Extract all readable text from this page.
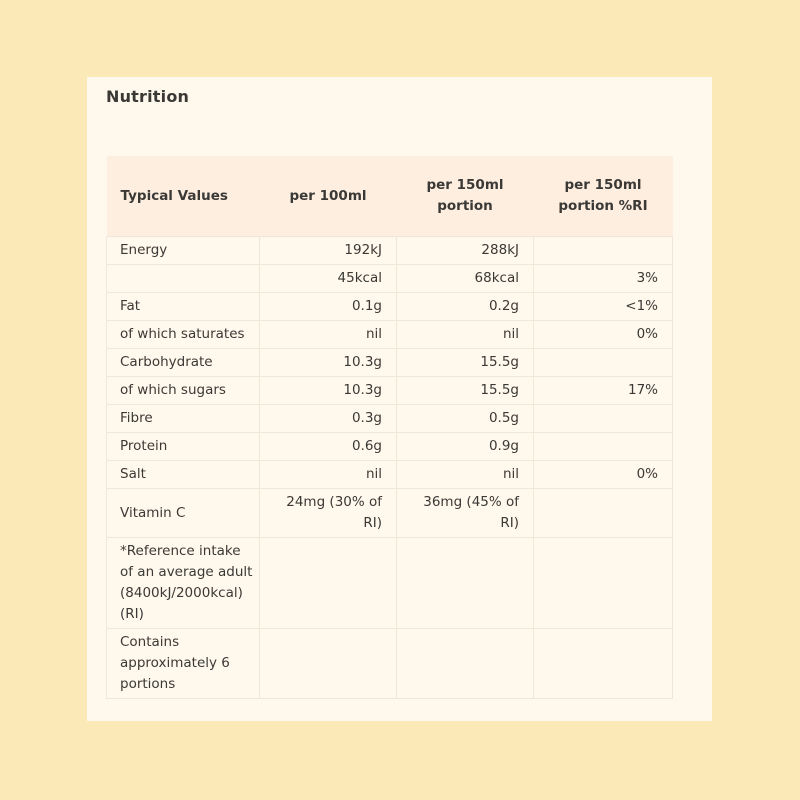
Nutrition
Typical Values	per 100ml	per 150ml portion	per 150ml portion %RI
Energy	192kJ	288kJ	
	45kcal	68kcal	3%
Fat	0.1g	0.2g	<1%
of which saturates	nil	nil	0%
Carbohydrate	10.3g	15.5g	
of which sugars	10.3g	15.5g	17%
Fibre	0.3g	0.5g	
Protein	0.6g	0.9g	
Salt	nil	nil	0%
Vitamin C	24mg (30% of RI)	36mg (45% of RI)	
*Reference intake of an average adult (8400kJ/2000kcal) (RI)			
Contains approximately 6 portions			
